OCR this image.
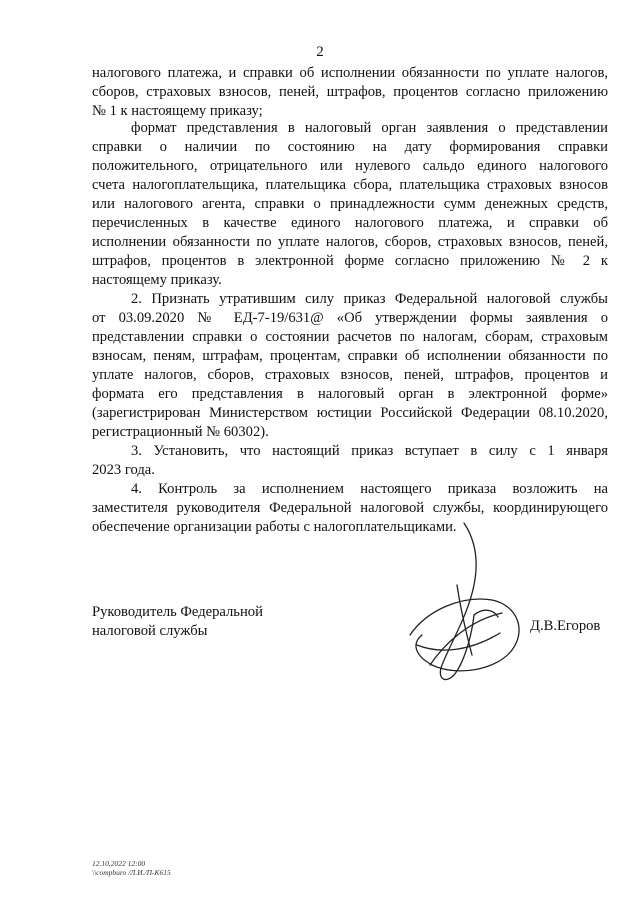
2
налогового платежа, и справки об исполнении обязанности по уплате налогов,
сборов, страховых взносов, пеней, штрафов, процентов согласно приложению
№ 1 к настоящему приказу;
формат представления в налоговый орган заявления о представлении
справки о наличии по состоянию на дату формирования справки
положительного, отрицательного или нулевого сальдо единого налогового
счета налогоплательщика, плательщика сбора, плательщика страховых взносов
или налогового агента, справки о принадлежности сумм денежных средств,
перечисленных в качестве единого налогового платежа, и справки об
исполнении обязанности по уплате налогов, сборов, страховых взносов, пеней,
штрафов, процентов в электронной форме согласно приложению № 2 к
настоящему приказу.
2. Признать утратившим силу приказ Федеральной налоговой службы
от 03.09.2020 № ЕД-7-19/631@ «Об утверждении формы заявления о
представлении справки о состоянии расчетов по налогам, сборам, страховым
взносам, пеням, штрафам, процентам, справки об исполнении обязанности по
уплате налогов, сборов, страховых взносов, пеней, штрафов, процентов и
формата его представления в налоговый орган в электронной форме»
(зарегистрирован Министерством юстиции Российской Федерации 08.10.2020,
регистрационный № 60302).
3. Установить, что настоящий приказ вступает в силу с 1 января
2023 года.
4. Контроль за исполнением настоящего приказа возложить на
заместителя руководителя Федеральной налоговой службы, координирующего
обеспечение организации работы с налогоплательщиками.
Руководитель Федеральной
налоговой службы	Д.В.Егоров
12.10.2022 12:00
\\compburo /Л.И./П-К615
